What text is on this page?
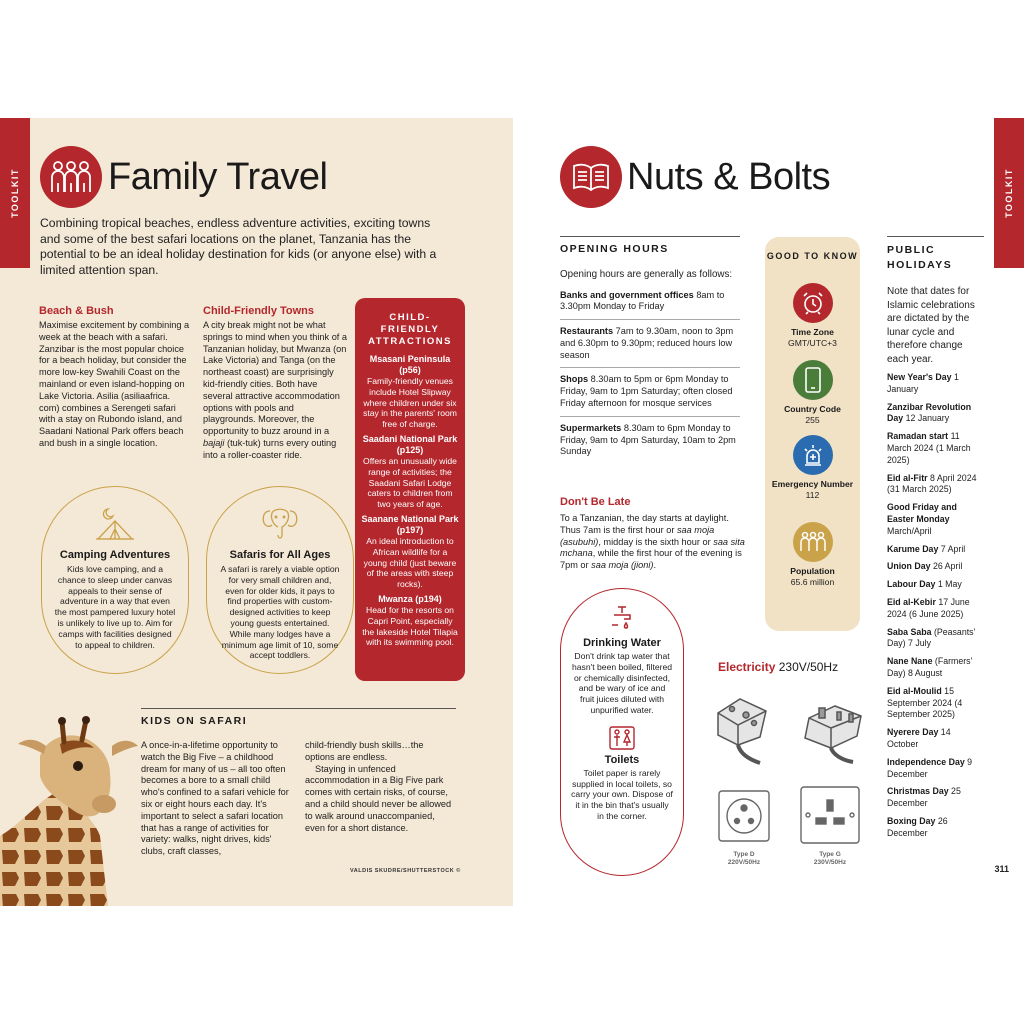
TOOLKIT Family Travel

Combining tropical beaches, endless adventure activities, exciting towns and some of the best safari locations on the planet, Tanzania has the potential to be an ideal holiday destination for kids (or anyone else) with a limited attention span.

Beach & Bush

Maximise excitement by combining a week at the beach with a safari. Zanzibar is the most popular choice for a beach holiday, but consider the more low-key Swahili Coast on the mainland or even island-hopping on Lake Victoria. Asilia (asiliaafrica. com) combines a Serengeti safari with a stay on Rubondo island, and Saadani National Park offers beach and bush in a single location.

Child-Friendly Towns

A city break might not be what springs to mind when you think of a Tanzanian holiday, but Mwanza (on Lake Victoria) and Tanga (on the northeast coast) are surprisingly kid-friendly cities. Both have several attractive accommodation options with pools and playgrounds. Moreover, the opportunity to buzz around in a bajaji (tuk-tuk) turns every outing into a roller-coaster ride.

CHILD-FRIENDLY ATTRACTIONS
Msasani Peninsula (p56)
Family-friendly venues include Hotel Slipway where children under six stay in the parents' room free of charge.
Saadani National Park (p125)
Offers an unusually wide range of activities; the Saadani Safari Lodge caters to children from two years of age.
Saanane National Park (p197)
An ideal introduction to African wildlife for a young child (just beware of the areas with steep rocks).
Mwanza (p194)
Head for the resorts on Capri Point, especially the lakeside Hotel Tilapia with its swimming pool.
Camping Adventures

Kids love camping, and a chance to sleep under canvas appeals to their sense of adventure in a way that even the most pampered luxury hotel is unlikely to live up to. Aim for camps with facilities designed to appeal to children.

Safaris for All Ages

A safari is rarely a viable option for very small children and, even for older kids, it pays to find properties with custom-designed activities to keep young guests entertained. While many lodges have a minimum age limit of 10, some accept toddlers.

KIDS ON SAFARI

A once-in-a-lifetime opportunity to watch the Big Five – a childhood dream for many of us – all too often becomes a bore to a small child who's confined to a safari vehicle for six or eight hours each day. It's important to select a safari location that has a range of activities for variety: walks, night drives, kids' clubs, craft classes,

child-friendly bush skills…the options are endless.

Staying in unfenced accommodation in a Big Five park comes with certain risks, of course, and a child should never be allowed to walk around unaccompanied, even for a short distance.

VALDIS SKUDRE/SHUTTERSTOCK ©
TOOLKIT
Nuts & Bolts
OPENING HOURS

Opening hours are generally as follows:

Banks and government offices 8am to 3.30pm Monday to Friday
Restaurants 7am to 9.30am, noon to 3pm and 6.30pm to 9.30pm; reduced hours low season
Shops 8.30am to 5pm or 6pm Monday to Friday, 9am to 1pm Saturday; often closed Friday afternoon for mosque services
Supermarkets 8.30am to 6pm Monday to Friday, 9am to 4pm Saturday, 10am to 2pm Sunday
Don't Be Late

To a Tanzanian, the day starts at daylight. Thus 7am is the first hour or saa moja (asubuhi), midday is the sixth hour or saa sita mchana, while the first hour of the evening is 7pm or saa moja (jioni).

Drinking Water

Don't drink tap water that hasn't been boiled, filtered or chemically disinfected, and be wary of ice and fruit juices diluted with unpurified water.

Toilets

Toilet paper is rarely supplied in local toilets, so carry your own. Dispose of it in the bin that's usually in the corner.

GOOD TO KNOW
Time Zone
GMT/UTC+3
Country Code
255
Emergency Number
112
Population
65.6 million
Electricity 230V/50Hz
Type D
220V/50Hz
Type G
230V/50Hz
PUBLIC HOLIDAYS

Note that dates for Islamic celebrations are dictated by the lunar cycle and therefore change each year.

New Year's Day 1 January
Zanzibar Revolution Day 12 January
Ramadan start 11 March 2024 (1 March 2025)
Eid al-Fitr 8 April 2024 (31 March 2025)
Good Friday and Easter Monday March/April
Karume Day 7 April
Union Day 26 April
Labour Day 1 May
Eid al-Kebir 17 June 2024 (6 June 2025)
Saba Saba (Peasants' Day) 7 July
Nane Nane (Farmers' Day) 8 August
Eid al-Moulid 15 September 2024 (4 September 2025)
Nyerere Day 14 October
Independence Day 9 December
Christmas Day 25 December
Boxing Day 26 December
311
